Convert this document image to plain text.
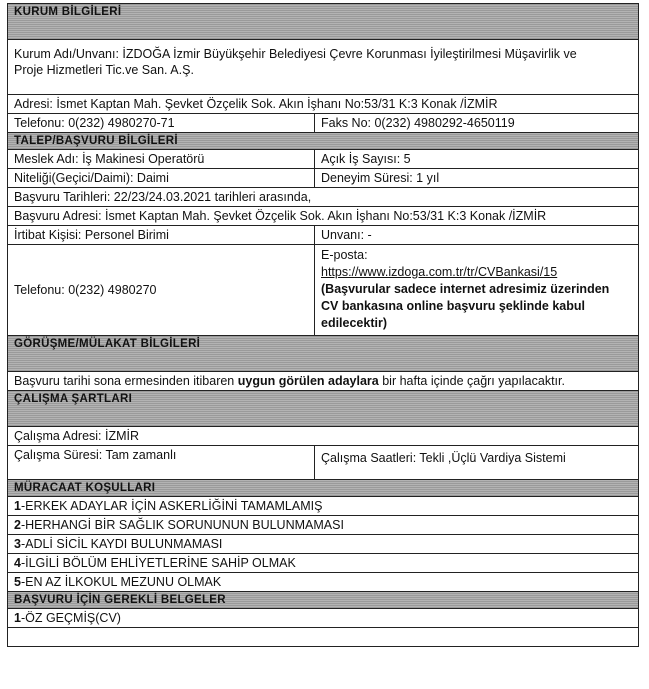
KURUM BİLGİLERİ
Kurum Adı/Unvanı: İZDOĞA İzmir Büyükşehir Belediyesi Çevre Korunması İyileştirilmesi Müşavirlik ve
Proje Hizmetleri Tic.ve San. A.Ş.
Adresi: İsmet Kaptan Mah. Şevket Özçelik Sok. Akın İşhanı No:53/31 K:3 Konak /İZMİR
Telefonu: 0(232) 4980270-71	Faks No: 0(232) 4980292-4650119
TALEP/BAŞVURU BİLGİLERİ
Meslek Adı: İş Makinesi Operatörü	Açık İş Sayısı: 5
Niteliği(Geçici/Daimi): Daimi	Deneyim Süresi: 1 yıl
Başvuru Tarihleri: 22/23/24.03.2021 tarihleri arasında,
Başvuru Adresi: İsmet Kaptan Mah. Şevket Özçelik Sok. Akın İşhanı No:53/31 K:3 Konak /İZMİR
İrtibat Kişisi: Personel Birimi	Unvanı: -
Telefonu: 0(232) 4980270
E-posta:
https://www.izdoga.com.tr/tr/CVBankasi/15
(Başvurular sadece internet adresimiz üzerinden
CV bankasına online başvuru şeklinde kabul
edilecektir)
GÖRÜŞME/MÜLAKAT BİLGİLERİ
Başvuru tarihi sona ermesinden itibaren uygun görülen adaylara bir hafta içinde çağrı yapılacaktır.
ÇALIŞMA ŞARTLARI
Çalışma Adresi: İZMİR
Çalışma Süresi: Tam zamanlı	Çalışma Saatleri: Tekli ,Üçlü Vardiya Sistemi
MÜRACAAT KOŞULLARI
1-ERKEK ADAYLAR İÇİN ASKERLİĞİNİ TAMAMLAMIŞ
2-HERHANGİ BİR SAĞLIK SORUNUNUN BULUNMAMASI
3-ADLİ SİCİL KAYDI BULUNMAMASI
4-İLGİLİ BÖLÜM EHLİYETLERİNE SAHİP OLMAK
5-EN AZ İLKOKUL MEZUNU OLMAK
BAŞVURU İÇİN GEREKLİ BELGELER
1-ÖZ GEÇMİŞ(CV)
